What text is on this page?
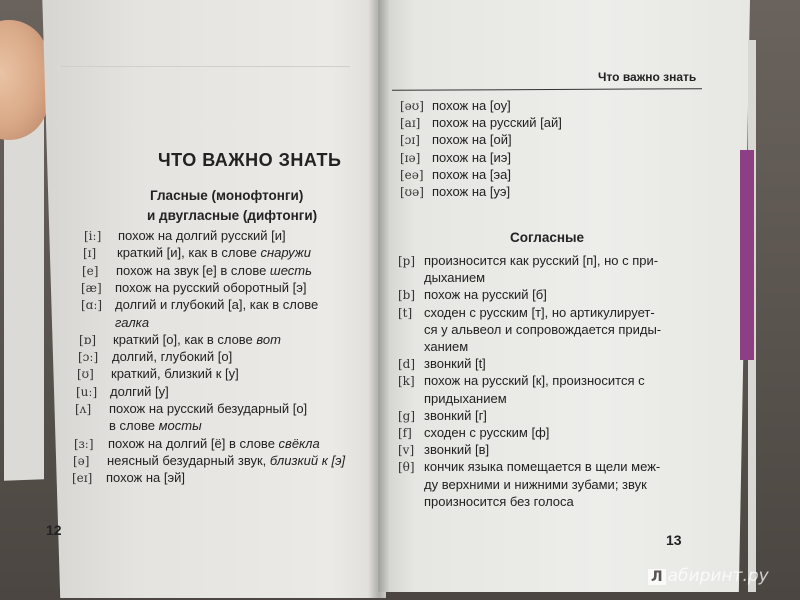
ЧТО ВАЖНО ЗНАТЬ
Гласные (монофтонги)
и двугласные (дифтонги)
[iː] похож на долгий русский [и]
[ɪ] краткий [и], как в слове снаружи
[e] похож на звук [е] в слове шесть
[æ] похож на русский оборотный [э]
[ɑː] долгий и глубокий [а], как в слове
галка
[ɒ] краткий [о], как в слове вот
[ɔː] долгий, глубокий [о]
[ʊ] краткий, близкий к [у]
[uː] долгий [у]
[ʌ] похож на русский безударный [о]
в слове мосты
[ɜː] похож на долгий [ё] в слове свёкла
[ə] неясный безударный звук, близкий к [э]
[eɪ] похож на [эй]
12
Что важно знать
[əʊ] похож на [оу]
[aɪ] похож на русский [ай]
[ɔɪ] похож на [ой]
[ɪə] похож на [иэ]
[eə] похож на [эа]
[ʊə] похож на [уэ]
Согласные
[p] произносится как русский [п], но с при-
дыханием
[b] похож на русский [б]
[t] сходен с русским [т], но артикулирует-
ся у альвеол и сопровождается приды-
ханием
[d] звонкий [t]
[k] похож на русский [к], произносится с
придыханием
[g] звонкий [г]
[f] сходен с русским [ф]
[v] звонкий [в]
[θ] кончик языка помещается в щели меж-
ду верхними и нижними зубами; звук
произносится без голоса
13
Л абиринт.ру
